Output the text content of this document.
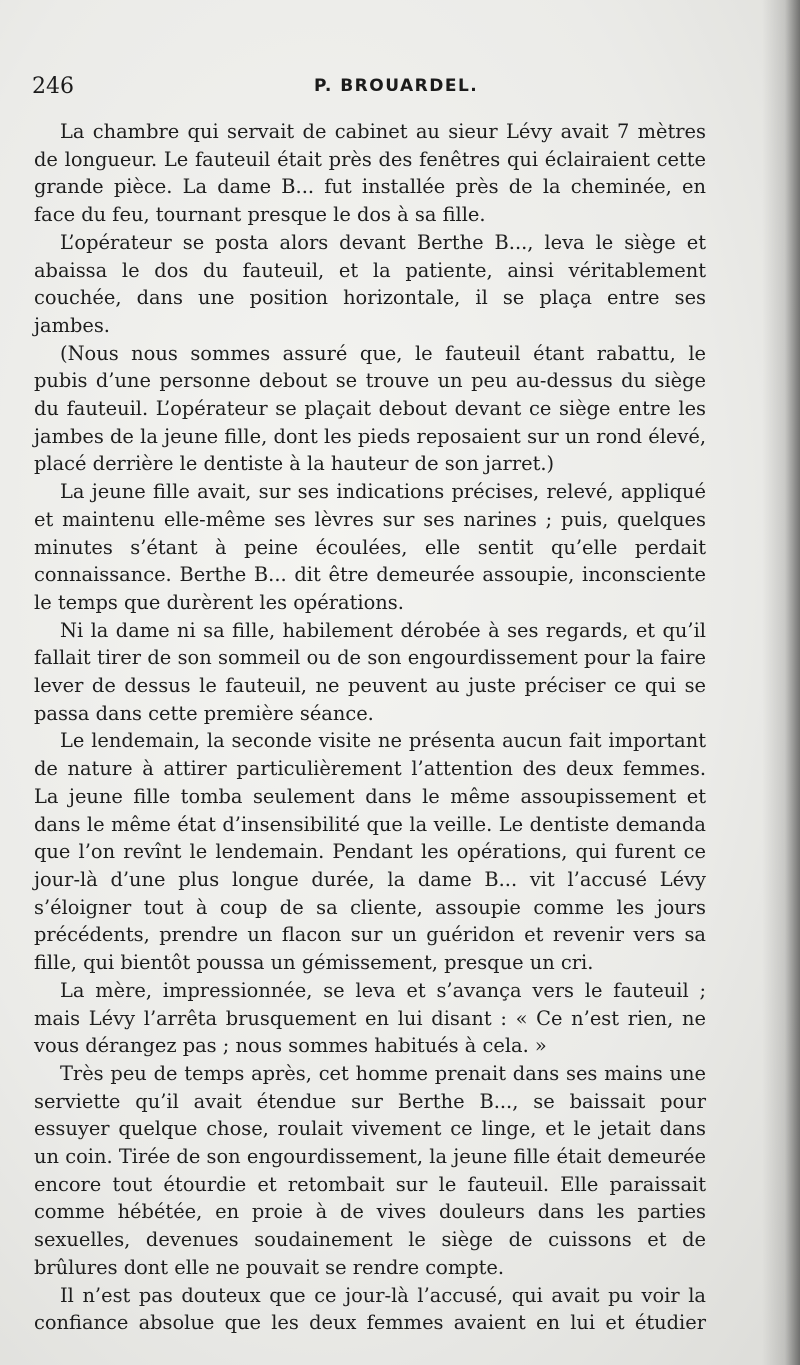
246	P. BROUARDEL.

La chambre qui servait de cabinet au sieur Lévy avait 7 mètres de longueur. Le fauteuil était près des fenêtres qui éclairaient cette grande pièce. La dame B... fut installée près de la cheminée, en face du feu, tournant presque le dos à sa fille.

L’opérateur se posta alors devant Berthe B..., leva le siège et abaissa le dos du fauteuil, et la patiente, ainsi véritablement couchée, dans une position horizontale, il se plaça entre ses jambes.

(Nous nous sommes assuré que, le fauteuil étant rabattu, le pubis d’une personne debout se trouve un peu au-dessus du siège du fauteuil. L’opérateur se plaçait debout devant ce siège entre les jambes de la jeune fille, dont les pieds reposaient sur un rond élevé, placé derrière le dentiste à la hauteur de son jarret.)

La jeune fille avait, sur ses indications précises, relevé, appliqué et maintenu elle-même ses lèvres sur ses narines ; puis, quelques minutes s’étant à peine écoulées, elle sentit qu’elle perdait connaissance. Berthe B... dit être demeurée assoupie, inconsciente le temps que durèrent les opérations.

Ni la dame ni sa fille, habilement dérobée à ses regards, et qu’il fallait tirer de son sommeil ou de son engourdissement pour la faire lever de dessus le fauteuil, ne peuvent au juste préciser ce qui se passa dans cette première séance.

Le lendemain, la seconde visite ne présenta aucun fait important de nature à attirer particulièrement l’attention des deux femmes. La jeune fille tomba seulement dans le même assoupissement et dans le même état d’insensibilité que la veille. Le dentiste demanda que l’on revînt le lendemain. Pendant les opérations, qui furent ce jour-là d’une plus longue durée, la dame B... vit l’accusé Lévy s’éloigner tout à coup de sa cliente, assoupie comme les jours précédents, prendre un flacon sur un guéridon et revenir vers sa fille, qui bientôt poussa un gémissement, presque un cri.

La mère, impressionnée, se leva et s’avança vers le fauteuil ; mais Lévy l’arrêta brusquement en lui disant : « Ce n’est rien, ne vous dérangez pas ; nous sommes habitués à cela. »

Très peu de temps après, cet homme prenait dans ses mains une serviette qu’il avait étendue sur Berthe B..., se baissait pour essuyer quelque chose, roulait vivement ce linge, et le jetait dans un coin. Tirée de son engourdissement, la jeune fille était demeurée encore tout étourdie et retombait sur le fauteuil. Elle paraissait comme hébétée, en proie à de vives douleurs dans les parties sexuelles, devenues soudainement le siège de cuissons et de brûlures dont elle ne pouvait se rendre compte.

Il n’est pas douteux que ce jour-là l’accusé, qui avait pu voir la confiance absolue que les deux femmes avaient en lui et étudier
